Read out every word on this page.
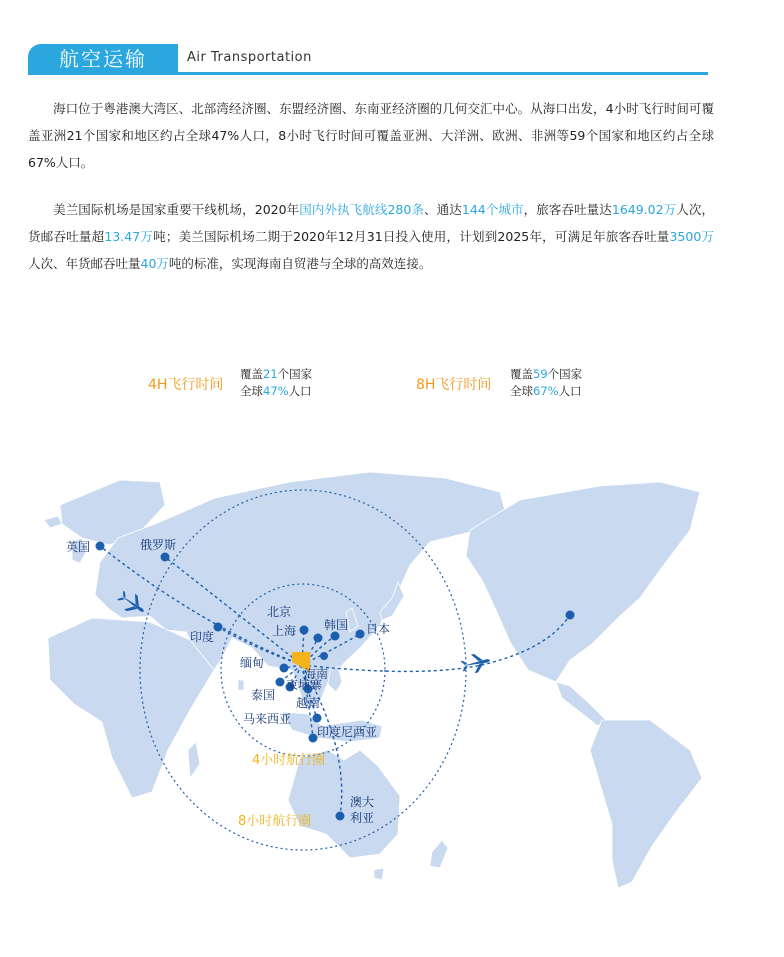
航空运输	Air Transportation
海口位于粤港澳大湾区、北部湾经济圈、东盟经济圈、东南亚经济圈的几何交汇中心。从海口出发，4小时飞行时间可覆盖亚洲21个国家和地区约占全球47%人口，8小时飞行时间可覆盖亚洲、大洋洲、欧洲、非洲等59个国家和地区约占全球67%人口。
美兰国际机场是国家重要干线机场，2020年国内外执飞航线280条、通达144个城市，旅客吞吐量达1649.02万人次，货邮吞吐量超13.47万吨；美兰国际机场二期于2020年12月31日投入使用，计划到2025年，可满足年旅客吞吐量3500万人次、年货邮吞吐量40万吨的标准，实现海南自贸港与全球的高效连接。
4H飞行时间
覆盖21个国家
全球47%人口	8H飞行时间
覆盖59个国家
全球67%人口
英国	俄罗斯
印度
缅甸
北京
上海 韩国 日本
海南
泰国
柬埔寨
越南
马来西亚
印度尼西亚
澳大
利亚
4小时航行圈
8小时航行圈
